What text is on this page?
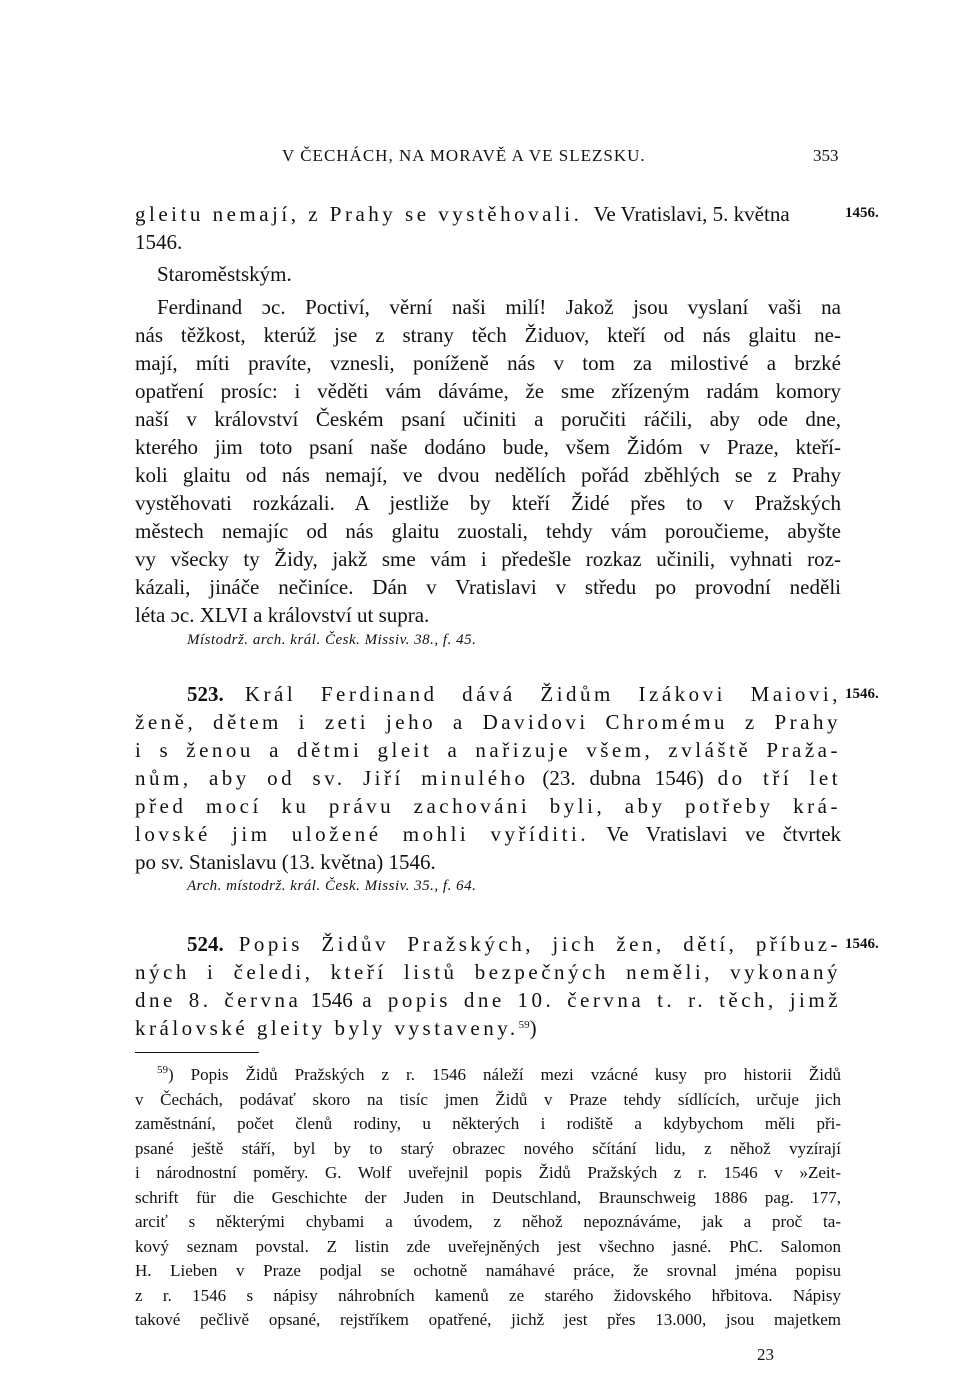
V ČECHÁCH, NA MORAVĚ A VE SLEZSKU.	353
gleitu nemají, z Prahy se vystěhovali. Ve Vratislavi, 5. května
1546.
Staroměstským.
Ferdinand ɔc. Poctiví, věrní naši milí! Jakož jsou vyslaní vaši na
nás těžkost, kterúž jse z strany těch Židuov, kteří od nás glaitu ne-
mají, míti pravíte, vznesli, poníženě nás v tom za milostivé a brzké
opatření prosíc: i věděti vám dáváme, že sme zřízeným radám komory
naší v království Českém psaní učiniti a poručiti ráčili, aby ode dne,
kterého jim toto psaní naše dodáno bude, všem Židóm v Praze, kteří-
koli glaitu od nás nemají, ve dvou nedělích pořád zběhlých se z Prahy
vystěhovati rozkázali. A jestliže by kteří Židé přes to v Pražských
městech nemajíc od nás glaitu zuostali, tehdy vám poroučieme, abyšte
vy všecky ty Židy, jakž sme vám i předešle rozkaz učinili, vyhnati roz-
kázali, jináče nečiníce. Dán v Vratislavi v středu po provodní neděli
léta ɔc. XLVI a království ut supra.
Místodrž. arch. král. Česk. Missiv. 38., f. 45.
1456.
523. Král Ferdinand dává Židům Izákovi Maiovi,
ženě, dětem i zeti jeho a Davidovi Chromému z Prahy
i s ženou a dětmi gleit a nařizuje všem, zvláště Praža-
nům, aby od sv. Jiří minulého (23. dubna 1546) do tří let
před mocí ku právu zachováni byli, aby potřeby krá-
lovské jim uložené mohli vyříditi. Ve Vratislavi ve čtvrtek
po sv. Stanislavu (13. května) 1546.
Arch. místodrž. král. Česk. Missiv. 35., f. 64.
1546.
524. Popis Židův Pražských, jich žen, dětí, příbuz-
ných i čeledi, kteří listů bezpečných neměli, vykonaný
dne 8. června 1546 a popis dne 10. června t. r. těch, jimž
královské gleity byly vystaveny.$^{59}$)
1546.
$^{59}$) Popis Židů Pražských z r. 1546 náleží mezi vzácné kusy pro historii Židů
v Čechách, podávať skoro na tisíc jmen Židů v Praze tehdy sídlících, určuje jich
zaměstnání, počet členů rodiny, u některých i rodiště a kdybychom měli při-
psané ještě stáří, byl by to starý obrazec nového sčítání lidu, z něhož vyzírají
i národnostní poměry. G. Wolf uveřejnil popis Židů Pražských z r. 1546 v »Zeit-
schrift für die Geschichte der Juden in Deutschland, Braunschweig 1886 pag. 177,
arciť s některými chybami a úvodem, z něhož nepoznáváme, jak a proč ta-
kový seznam povstal. Z listin zde uveřejněných jest všechno jasné. PhC. Salomon
H. Lieben v Praze podjal se ochotně namáhavé práce, že srovnal jména popisu
z r. 1546 s nápisy náhrobních kamenů ze starého židovského hřbitova. Nápisy
takové pečlivě opsané, rejstříkem opatřené, jichž jest přes 13.000, jsou majetkem
23
